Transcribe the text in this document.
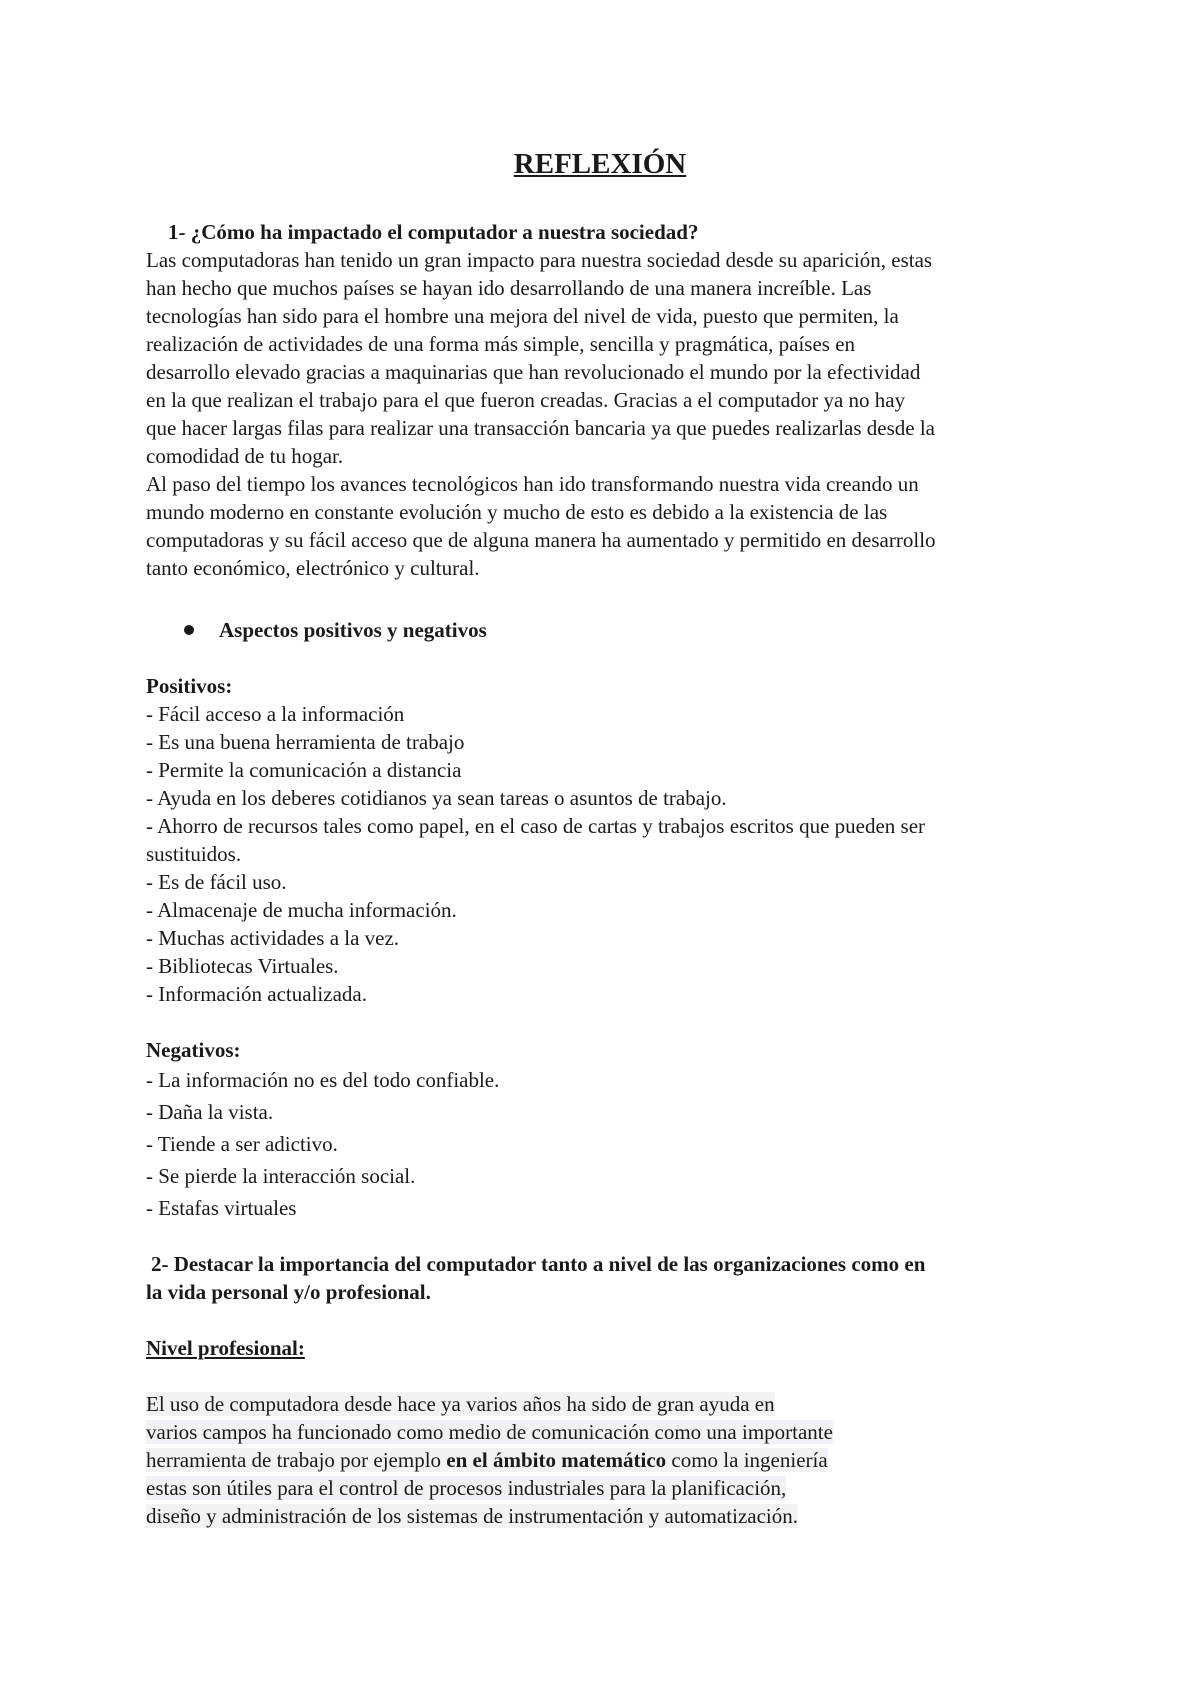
REFLEXIÓN
1- ¿Cómo ha impactado el computador a nuestra sociedad?
Las computadoras han tenido un gran impacto para nuestra sociedad desde su aparición, estas
han hecho que muchos países se hayan ido desarrollando de una manera increíble. Las
tecnologías han sido para el hombre una mejora del nivel de vida, puesto que permiten, la
realización de actividades de una forma más simple, sencilla y pragmática, países en
desarrollo elevado gracias a maquinarias que han revolucionado el mundo por la efectividad
en la que realizan el trabajo para el que fueron creadas. Gracias a el computador ya no hay
que hacer largas filas para realizar una transacción bancaria ya que puedes realizarlas desde la
comodidad de tu hogar.
Al paso del tiempo los avances tecnológicos han ido transformando nuestra vida creando un
mundo moderno en constante evolución y mucho de esto es debido a la existencia de las
computadoras y su fácil acceso que de alguna manera ha aumentado y permitido en desarrollo
tanto económico, electrónico y cultural.
Aspectos positivos y negativos
Positivos:
- Fácil acceso a la información
- Es una buena herramienta de trabajo
- Permite la comunicación a distancia
- Ayuda en los deberes cotidianos ya sean tareas o asuntos de trabajo.
- Ahorro de recursos tales como papel, en el caso de cartas y trabajos escritos que pueden ser
sustituidos.
- Es de fácil uso.
- Almacenaje de mucha información.
- Muchas actividades a la vez.
- Bibliotecas Virtuales.
- Información actualizada.
Negativos:
- La información no es del todo confiable.
- Daña la vista.
- Tiende a ser adictivo.
- Se pierde la interacción social.
- Estafas virtuales
2- Destacar la importancia del computador tanto a nivel de las organizaciones como en
la vida personal y/o profesional.
Nivel profesional:
El uso de computadora desde hace ya varios años ha sido de gran ayuda en
varios campos ha funcionado como medio de comunicación como una importante
herramienta de trabajo por ejemplo en el ámbito matemático como la ingeniería
estas son útiles para el control de procesos industriales para la planificación,
diseño y administración de los sistemas de instrumentación y automatización.
